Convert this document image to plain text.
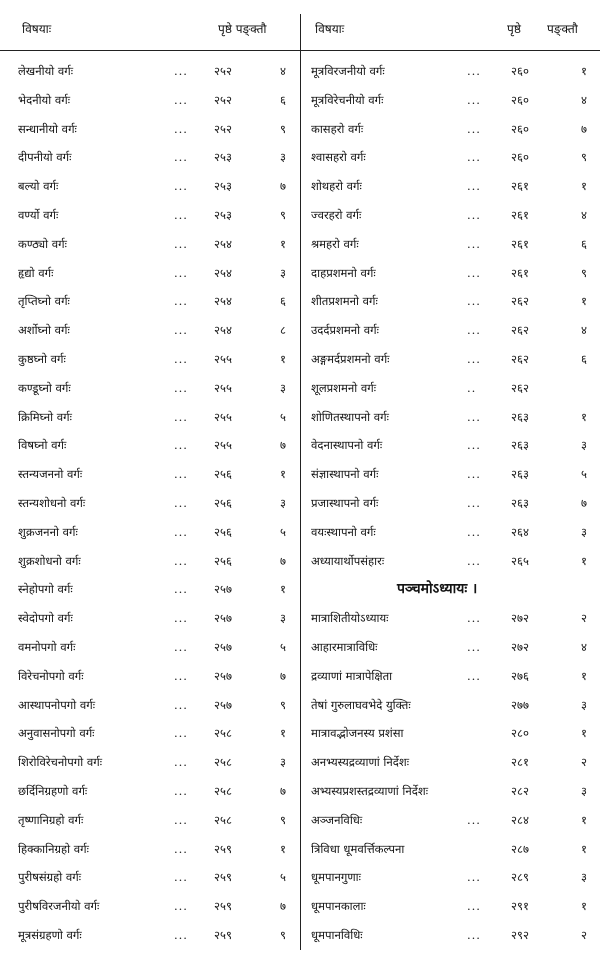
विषयाः	पृष्ठे पङ्क्तौ
लेखनीयो वर्गः	... २५२	४
भेदनीयो वर्गः	... २५२	६
सन्धानीयो वर्गः	... २५२	९
दीपनीयो वर्गः	... २५३	३
बल्यो वर्गः	... २५३	७
वर्ण्यो वर्गः	... २५३	९
कण्ठ्यो वर्गः	... २५४	१
हृद्यो वर्गः	... २५४	३
तृप्तिघ्नो वर्गः	... २५४	६
अर्शोघ्नो वर्गः	... २५४	८
कुष्ठघ्नो वर्गः	... २५५	१
कण्डूघ्नो वर्गः	... २५५	३
क्रिमिघ्नो वर्गः	... २५५	५
विषघ्नो वर्गः	... २५५	७
स्तन्यजननो वर्गः	... २५६	१
स्तन्यशोधनो वर्गः	... २५६	३
शुक्रजननो वर्गः	... २५६	५
शुक्रशोधनो वर्गः	... २५६	७
स्नेहोपगो वर्गः	... २५७	१
स्वेदोपगो वर्गः	... २५७	३
वमनोपगो वर्गः	... २५७	५
विरेचनोपगो वर्गः	... २५७	७
आस्थापनोपगो वर्गः	... २५७	९
अनुवासनोपगो वर्गः	... २५८	१
शिरोविरेचनोपगो वर्गः	... २५८	३
छर्दिनिग्रहणो वर्गः	... २५८	७
तृष्णानिग्रहो वर्गः	... २५८	९
हिक्कानिग्रहो वर्गः	... २५९	१
पुरीषसंग्रहो वर्गः	... २५९	५
पुरीषविरजनीयो वर्गः	... २५९	७
मूत्रसंग्रहणो वर्गः	... २५९	९
विषयाः	पृष्ठे पङ्क्तौ
मूत्रविरजनीयो वर्गः	...	२६०	१
मूत्रविरेचनीयो वर्गः	...	२६०	४
कासहरो वर्गः	...	२६०	७
श्वासहरो वर्गः	...	२६०	९
शोथहरो वर्गः	...	२६१	१
ज्वरहरो वर्गः	...	२६१	४
श्रमहरो वर्गः	...	२६१	६
दाहप्रशमनो वर्गः	...	२६१	९
शीतप्रशमनो वर्गः	...	२६२	१
उदर्दप्रशमनो वर्गः	...	२६२	४
अङ्गमर्दप्रशमनो वर्गः	...	२६२	६
शूलप्रशमनो वर्गः	..	२६२
शोणितस्थापनो वर्गः	...	२६३	१
वेदनास्थापनो वर्गः	...	२६३	३
संज्ञास्थापनो वर्गः	...	२६३	५
प्रजास्थापनो वर्गः	...	२६३	७
वयःस्थापनो वर्गः	...	२६४	३
अध्यायार्थोपसंहारः	...	२६५	१
पञ्चमोऽध्यायः ।
मात्राशितीयोऽध्यायः	...	२७२	२
आहारमात्राविधिः	...	२७२	४
द्रव्याणां मात्रापेक्षिता	...	२७६	१
तेषां गुरुलाघवभेदे युक्तिः	२७७	३
मात्रावद्भोजनस्य प्रशंसा	२८०	१
अनभ्यस्यद्रव्याणां निर्देशः	२८१	२
अभ्यस्यप्रशस्तद्रव्याणां निर्देशः	२८२	३
अञ्जनविधिः	...	२८४	१
त्रिविधा धूमवर्त्तिकल्पना	२८७	१
धूमपानगुणाः	...	२८९	३
धूमपानकालाः	...	२९१	१
धूमपानविधिः	...	२९२	२
